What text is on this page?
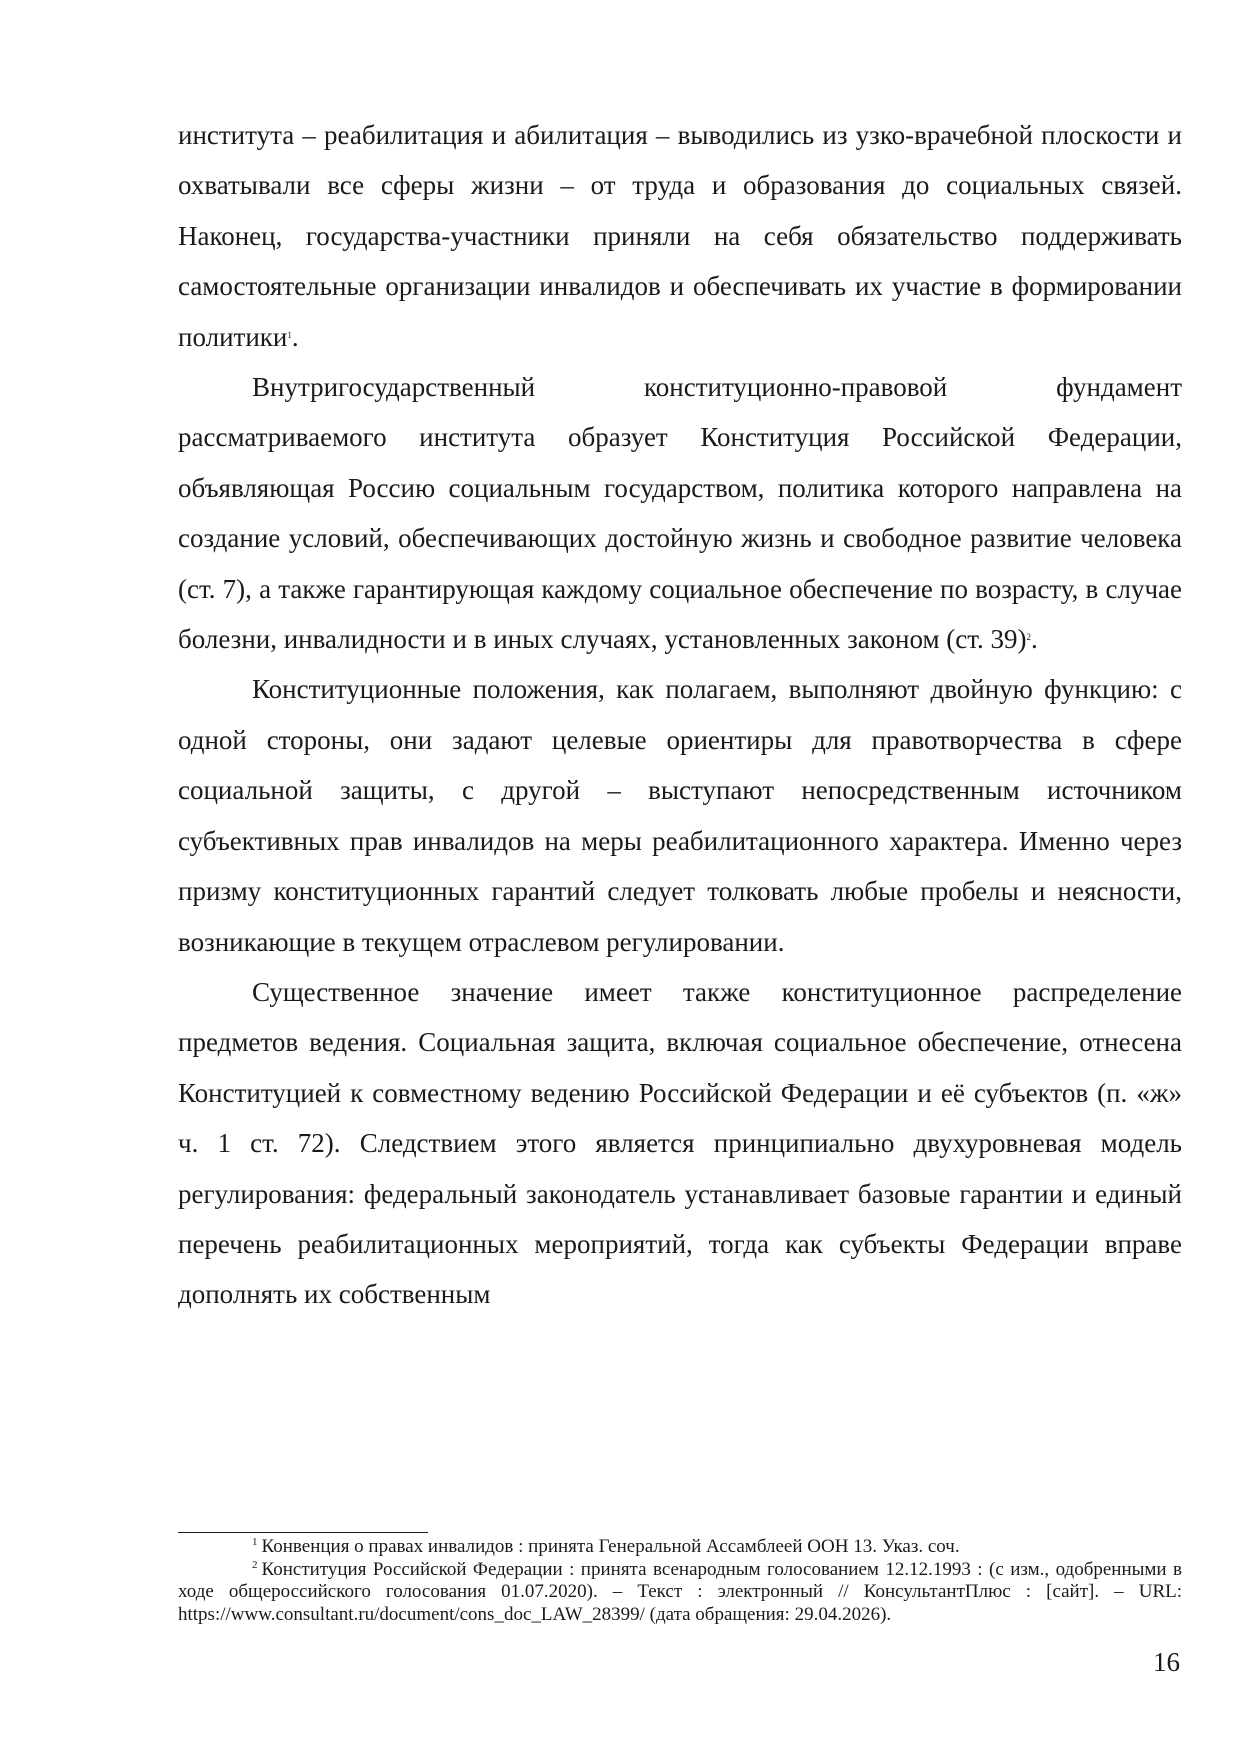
института – реабилитация и абилитация – выводились из узко-врачебной плоскости и охватывали все сферы жизни – от труда и образования до социальных связей. Наконец, государства-участники приняли на себя обязательство поддерживать самостоятельные организации инвалидов и обеспечивать их участие в формировании политики$^1$.

Внутригосударственный конституционно-правовой фундамент рассматриваемого института образует Конституция Российской Федерации, объявляющая Россию социальным государством, политика которого направлена на создание условий, обеспечивающих достойную жизнь и свободное развитие человека (ст. 7), а также гарантирующая каждому социальное обеспечение по возрасту, в случае болезни, инвалидности и в иных случаях, установленных законом (ст. 39)$^2$.

Конституционные положения, как полагаем, выполняют двойную функцию: с одной стороны, они задают целевые ориентиры для правотворчества в сфере социальной защиты, с другой – выступают непосредственным источником субъективных прав инвалидов на меры реабилитационного характера. Именно через призму конституционных гарантий следует толковать любые пробелы и неясности, возникающие в текущем отраслевом регулировании.

Существенное значение имеет также конституционное распределение предметов ведения. Социальная защита, включая социальное обеспечение, отнесена Конституцией к совместному ведению Российской Федерации и её субъектов (п. «ж» ч. 1 ст. 72). Следствием этого является принципиально двухуровневая модель регулирования: федеральный законодатель устанавливает базовые гарантии и единый перечень реабилитационных мероприятий, тогда как субъекты Федерации вправе дополнять их собственным

$^1$ Конвенция о правах инвалидов : принята Генеральной Ассамблеей ООН 13. Указ. соч.

$^2$ Конституция Российской Федерации : принята всенародным голосованием 12.12.1993 : (с изм., одобренными в ходе общероссийского голосования 01.07.2020). – Текст : электронный // КонсультантПлюс : [сайт]. – URL: https://www.consultant.ru/document/cons_doc_LAW_28399/ (дата обращения: 29.04.2026).

16
